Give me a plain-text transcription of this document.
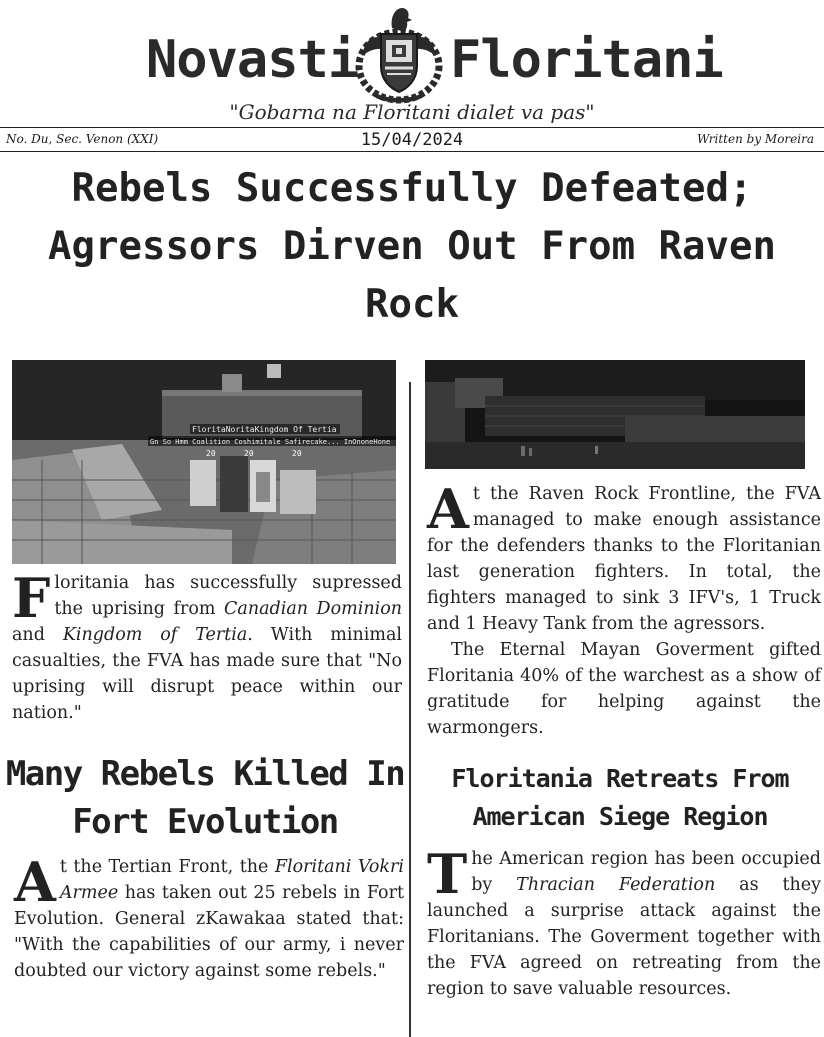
Novasti Floritani
"Gobarna na Floritani dialet va pas"
No. Du, Sec. Venon (XXI)	15/04/2024	Written by Moreira
Rebels Successfully Defeated; Agressors Dirven Out From Raven Rock
FloritaNoritaKingdom Of Tertia
Gn So Hmm Coalition Coshimitale Safirecake... InOnoneHone
20	20	20

Floritania has successfully supressed the uprising from Canadian Dominion and Kingdom of Tertia. With minimal casualties, the FVA has made sure that "No uprising will disrupt peace within our nation."

Many Rebels Killed In Fort Evolution

At the Tertian Front, the Floritani Vokri Armee has taken out 25 rebels in Fort Evolution. General zKawakaa stated that: "With the capabilities of our army, i never doubted our victory against some rebels."

At the Raven Rock Frontline, the FVA managed to make enough assistance for the defenders thanks to the Floritanian last generation fighters. In total, the fighters managed to sink 3 IFV's, 1 Truck and 1 Heavy Tank from the agressors.

The Eternal Mayan Goverment gifted Floritania 40% of the warchest as a show of gratitude for helping against the warmongers.

Floritania Retreats From American Siege Region

The American region has been occupied by Thracian Federation as they launched a surprise attack against the Floritanians. The Goverment together with the FVA agreed on retreating from the region to save valuable resources.
